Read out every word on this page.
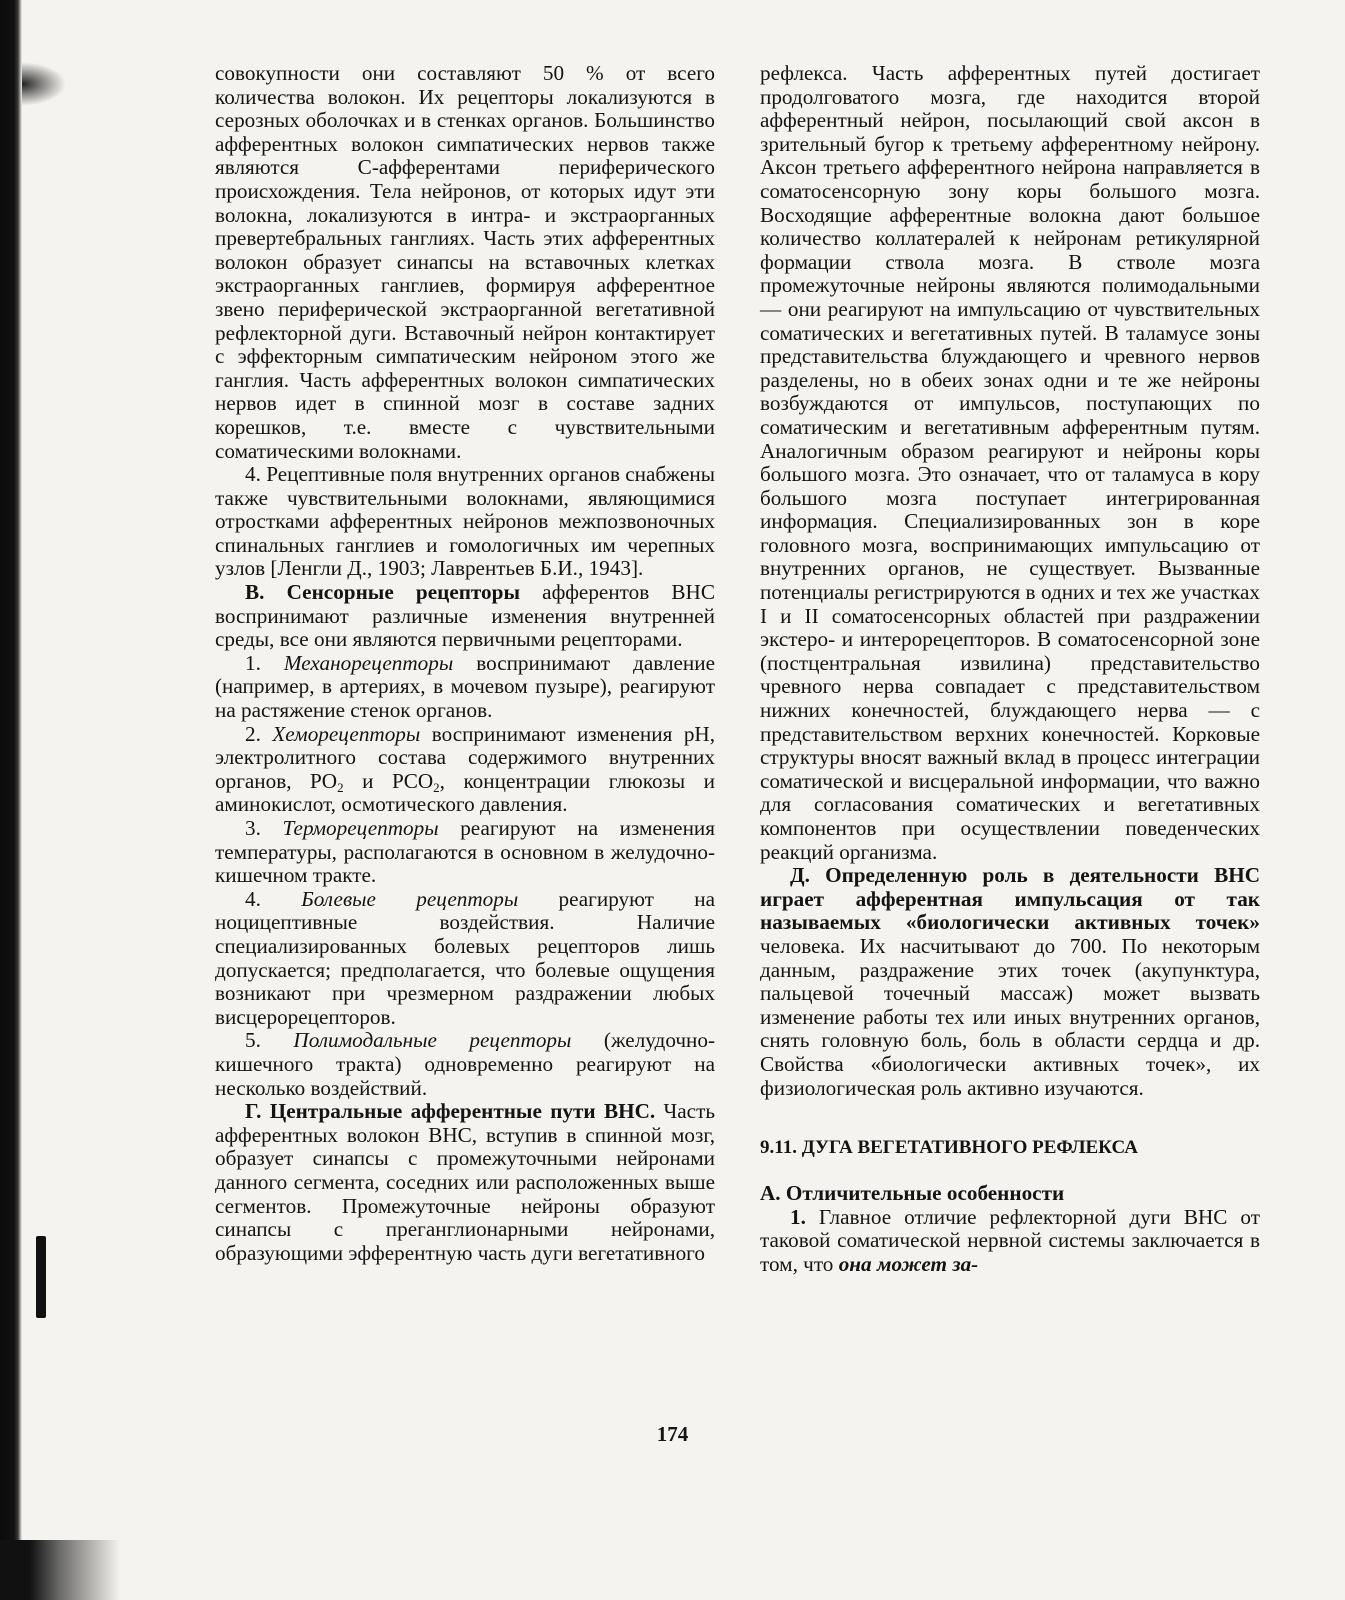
совокупности они составляют 50 % от всего количества волокон. Их рецепторы локализуются в серозных оболочках и в стенках органов. Большинство афферентных волокон симпатических нервов также являются С-афферентами периферического происхождения. Тела нейронов, от которых идут эти волокна, локализуются в интра- и экстраорганных превертебральных ганглиях. Часть этих афферентных волокон образует синапсы на вставочных клетках экстраорганных ганглиев, формируя афферентное звено периферической экстраорганной вегетативной рефлекторной дуги. Вставочный нейрон контактирует с эффекторным симпатическим нейроном этого же ганглия. Часть афферентных волокон симпатических нервов идет в спинной мозг в составе задних корешков, т.е. вместе с чувствительными соматическими волокнами.

4. Рецептивные поля внутренних органов снабжены также чувствительными волокнами, являющимися отростками афферентных нейронов межпозвоночных спинальных ганглиев и гомологичных им черепных узлов [Ленгли Д., 1903; Лаврентьев Б.И., 1943].

В. Сенсорные рецепторы афферентов ВНС воспринимают различные изменения внутренней среды, все они являются первичными рецепторами.

1. Механорецепторы воспринимают давление (например, в артериях, в мочевом пузыре), реагируют на растяжение стенок органов.

2. Хеморецепторы воспринимают изменения pH, электролитного состава содержимого внутренних органов, $PO_2$ и $PCO_2$, концентрации глюкозы и аминокислот, осмотического давления.

3. Терморецепторы реагируют на изменения температуры, располагаются в основном в желудочно-кишечном тракте.

4. Болевые рецепторы реагируют на ноцицептивные воздействия. Наличие специализированных болевых рецепторов лишь допускается; предполагается, что болевые ощущения возникают при чрезмерном раздражении любых висцерорецепторов.

5. Полимодальные рецепторы (желудочно-кишечного тракта) одновременно реагируют на несколько воздействий.

Г. Центральные афферентные пути ВНС. Часть афферентных волокон ВНС, вступив в спинной мозг, образует синапсы с промежуточными нейронами данного сегмента, соседних или расположенных выше сегментов. Промежуточные нейроны образуют синапсы с преганглионарными нейронами, образующими эфферентную часть дуги вегетативного

рефлекса. Часть афферентных путей достигает продолговатого мозга, где находится второй афферентный нейрон, посылающий свой аксон в зрительный бугор к третьему афферентному нейрону. Аксон третьего афферентного нейрона направляется в соматосенсорную зону коры большого мозга. Восходящие афферентные волокна дают большое количество коллатералей к нейронам ретикулярной формации ствола мозга. В стволе мозга промежуточные нейроны являются полимодальными — они реагируют на импульсацию от чувствительных соматических и вегетативных путей. В таламусе зоны представительства блуждающего и чревного нервов разделены, но в обеих зонах одни и те же нейроны возбуждаются от импульсов, поступающих по соматическим и вегетативным афферентным путям. Аналогичным образом реагируют и нейроны коры большого мозга. Это означает, что от таламуса в кору большого мозга поступает интегрированная информация. Специализированных зон в коре головного мозга, воспринимающих импульсацию от внутренних органов, не существует. Вызванные потенциалы регистрируются в одних и тех же участках I и II соматосенсорных областей при раздражении экстеро- и интерорецепторов. В соматосенсорной зоне (постцентральная извилина) представительство чревного нерва совпадает с представительством нижних конечностей, блуждающего нерва — с представительством верхних конечностей. Корковые структуры вносят важный вклад в процесс интеграции соматической и висцеральной информации, что важно для согласования соматических и вегетативных компонентов при осуществлении поведенческих реакций организма.

Д. Определенную роль в деятельности ВНС играет афферентная импульсация от так называемых «биологически активных точек» человека. Их насчитывают до 700. По некоторым данным, раздражение этих точек (акупунктура, пальцевой точечный массаж) может вызвать изменение работы тех или иных внутренних органов, снять головную боль, боль в области сердца и др. Свойства «биологически активных точек», их физиологическая роль активно изучаются.

9.11. ДУГА ВЕГЕТАТИВНОГО РЕФЛЕКСА

А. Отличительные особенности

1. Главное отличие рефлекторной дуги ВНС от таковой соматической нервной системы заключается в том, что она может за-

174
